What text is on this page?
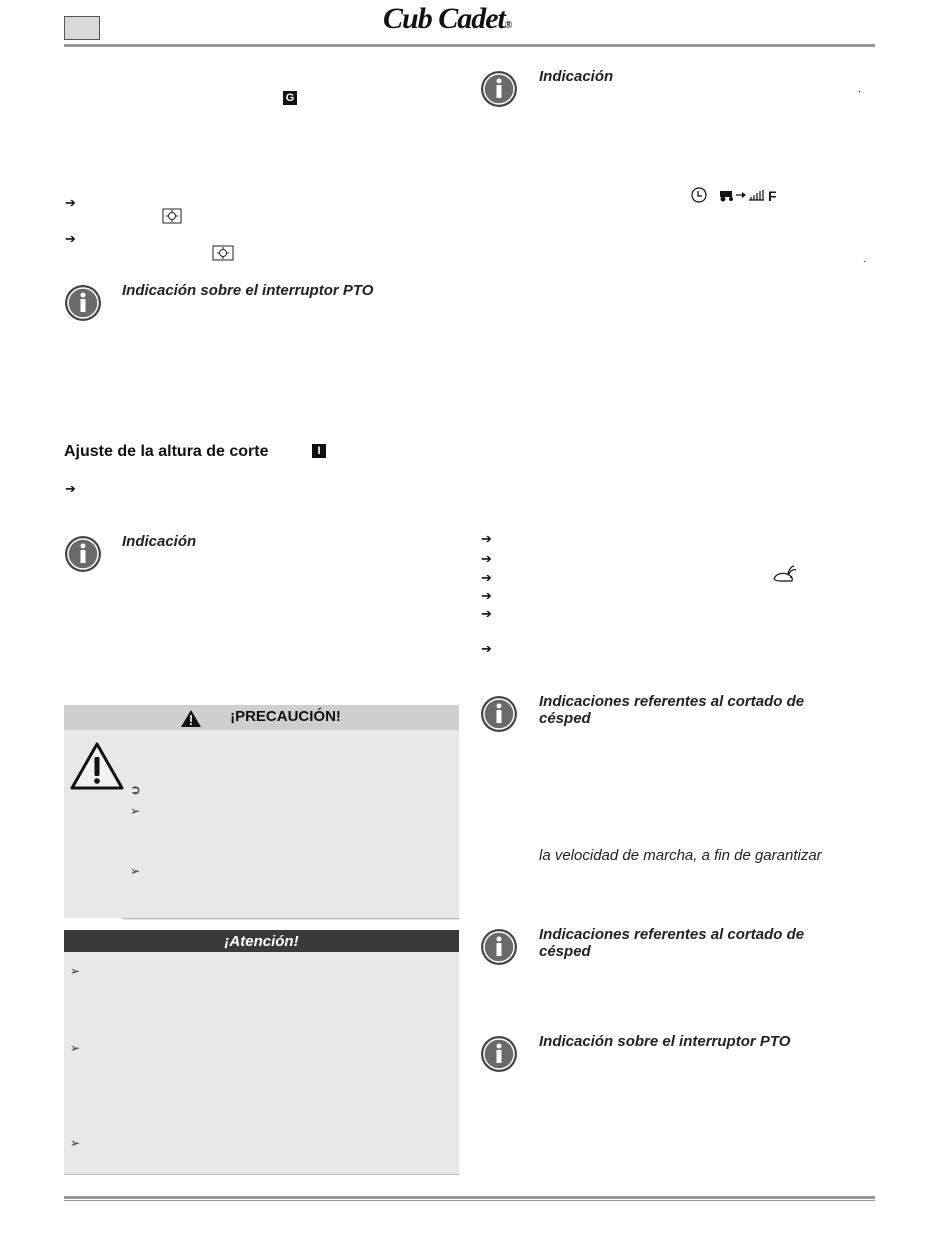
Cub Cadet®
G
➔
➔
Indicación sobre el interruptor PTO
Ajuste de la altura de corte	I
➔
Indicación
¡PRECAUCIÓN!
➲
➢
➢
¡Atención!
➢
➢
➢
Indicación
.
F
.
➔
➔
➔
➔
➔
➔
Indicaciones referentes al cortado de césped
la velocidad de marcha, a fin de garantizar
Indicaciones referentes al cortado de césped
Indicación sobre el interruptor PTO
